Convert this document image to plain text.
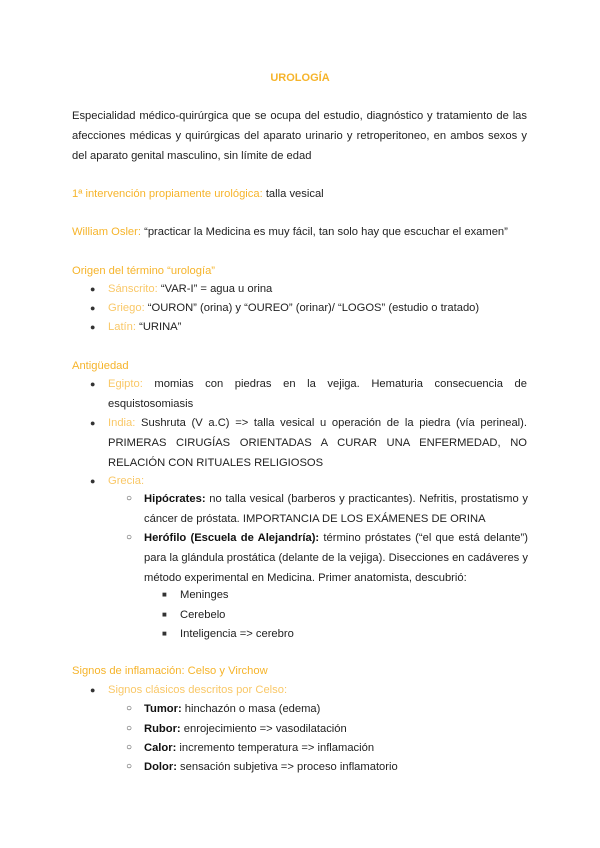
UROLOGÍA

Especialidad médico-quirúrgica que se ocupa del estudio, diagnóstico y tratamiento de las afecciones médicas y quirúrgicas del aparato urinario y retroperitoneo, en ambos sexos y del aparato genital masculino, sin límite de edad

1ª intervención propiamente urológica: talla vesical

William Osler: “practicar la Medicina es muy fácil, tan solo hay que escuchar el examen”

Origen del término “urología”

● Sánscrito: “VAR-I” = agua u orina

● Griego: “OURON” (orina) y “OUREO” (orinar)/ “LOGOS” (estudio o tratado)

● Latín: “URINA”

Antigüedad

● Egipto: momias con piedras en la vejiga. Hematuria consecuencia de esquistosomiasis

● India: Sushruta (V a.C) => talla vesical u operación de la piedra (vía perineal). PRIMERAS CIRUGÍAS ORIENTADAS A CURAR UNA ENFERMEDAD, NO RELACIÓN CON RITUALES RELIGIOSOS

● Grecia:

○ Hipócrates: no talla vesical (barberos y practicantes). Nefritis, prostatismo y cáncer de próstata. IMPORTANCIA DE LOS EXÁMENES DE ORINA

○ Herófilo (Escuela de Alejandría): término próstates (“el que está delante”) para la glándula prostática (delante de la vejiga). Disecciones en cadáveres y método experimental en Medicina. Primer anatomista, descubrió:

■ Meninges

■ Cerebelo

■ Inteligencia => cerebro

Signos de inflamación: Celso y Virchow

● Signos clásicos descritos por Celso:

○ Tumor: hinchazón o masa (edema)

○ Rubor: enrojecimiento => vasodilatación

○ Calor: incremento temperatura => inflamación

○ Dolor: sensación subjetiva => proceso inflamatorio
